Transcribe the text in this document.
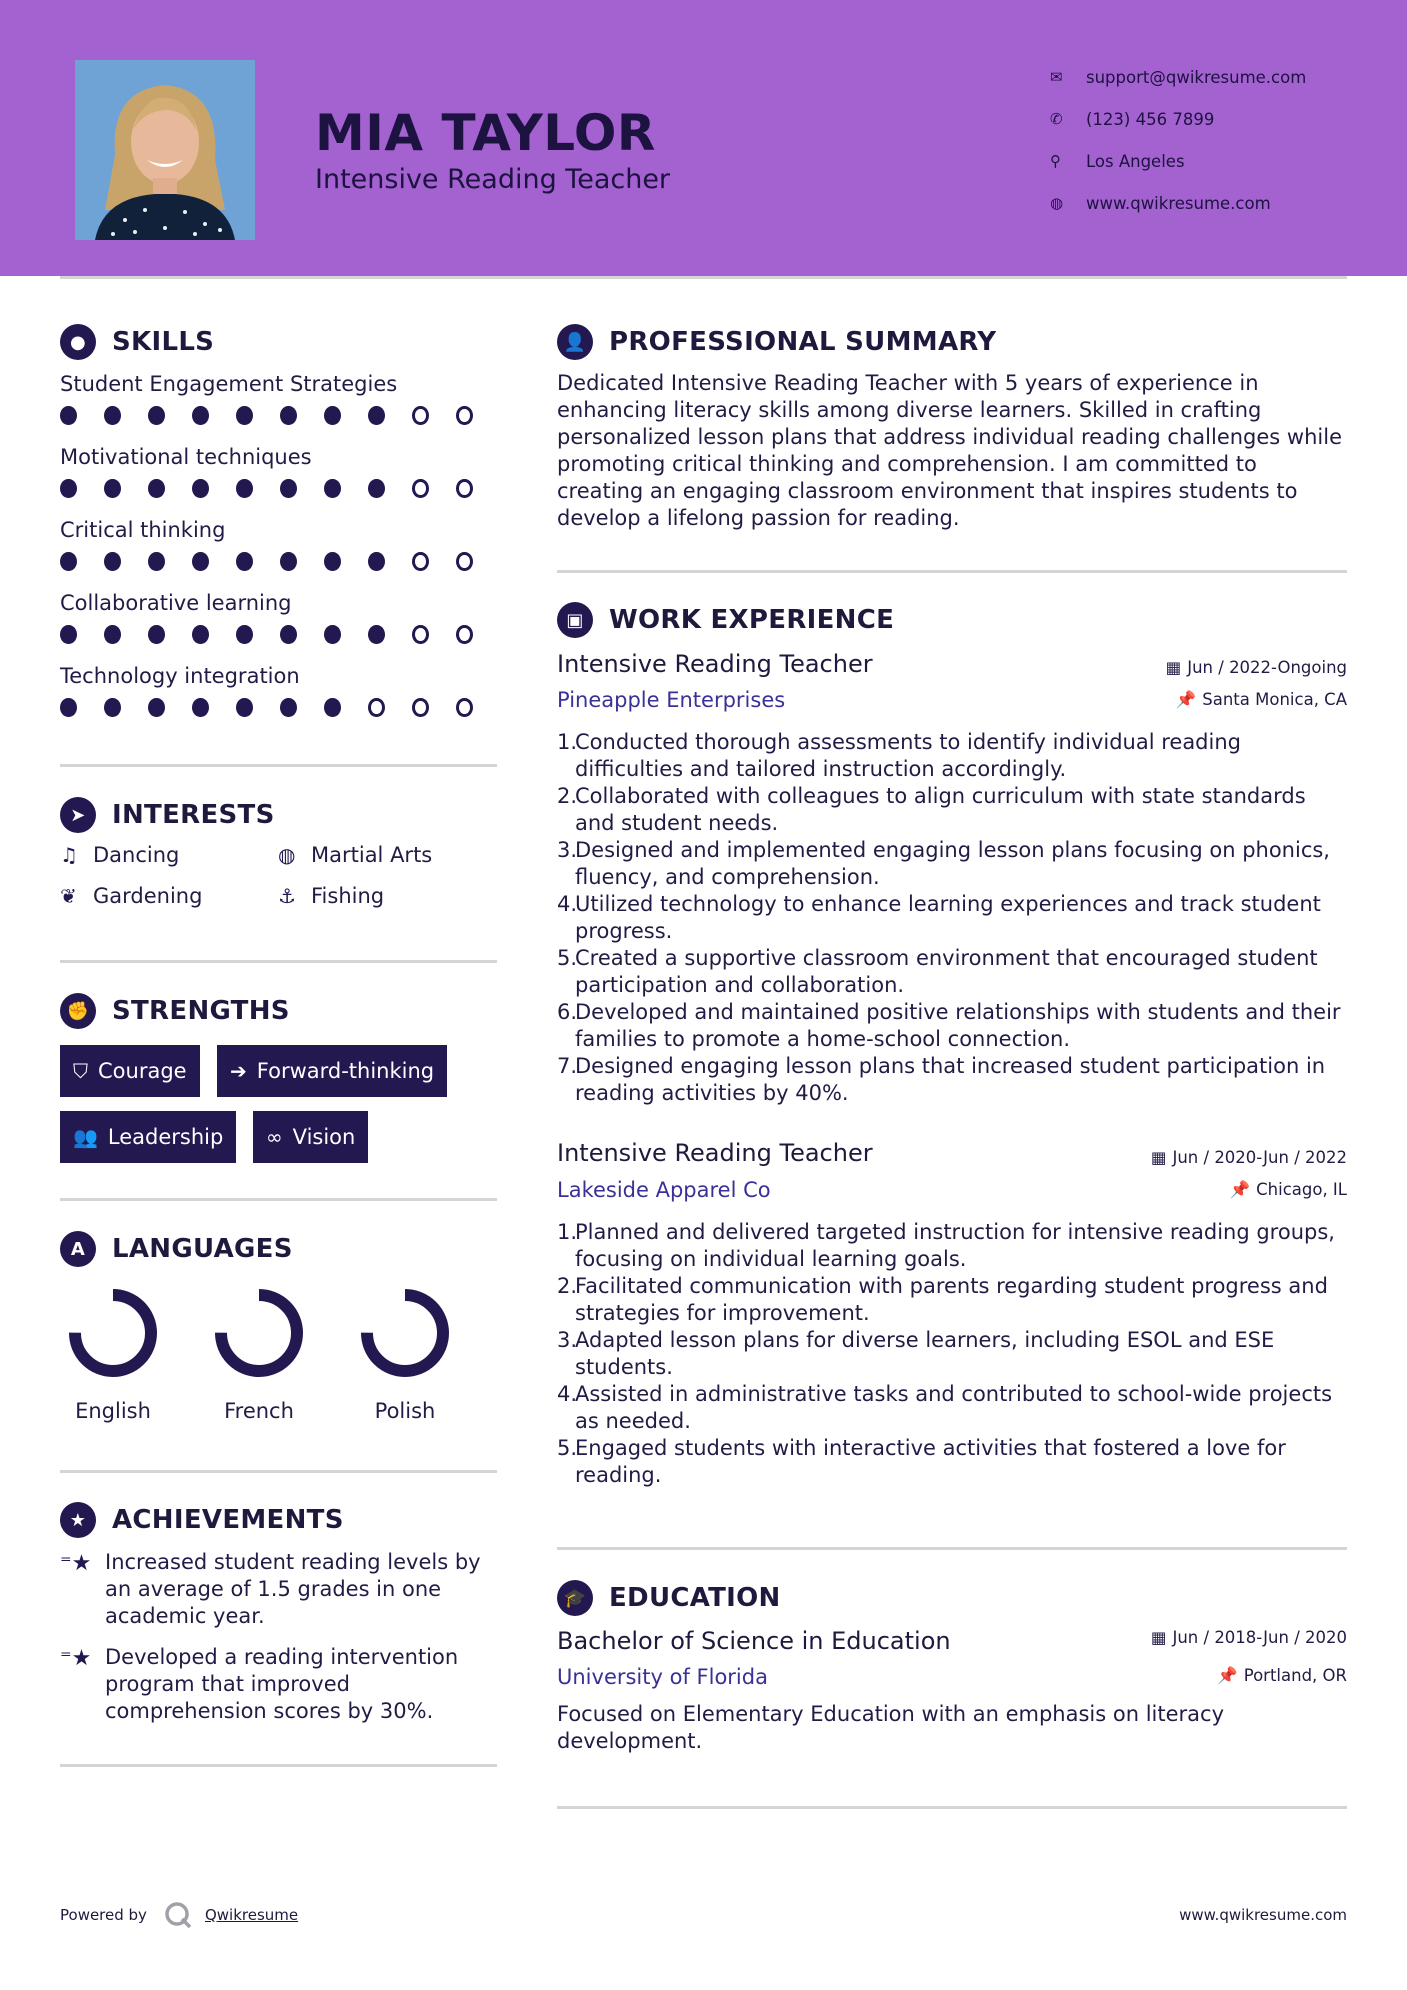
MIA TAYLOR
Intensive Reading Teacher
✉	support@qwikresume.com
✆	(123) 456 7899
⚲	Los Angeles
◍	www.qwikresume.com
●	SKILLS
Student Engagement Strategies
Motivational techniques
Critical thinking
Collaborative learning
Technology integration
➤	INTERESTS
♫ Dancing	◍ Martial Arts
❦ Gardening	⚓ Fishing
✊ STRENGTHS
⛉ Courage ➔ Forward-thinking
👥 Leadership ∞ Vision
A	LANGUAGES
English	French	Polish
★ ACHIEVEMENTS
⁼★ Increased student reading levels by an average of 1.5 grades in one academic year.
⁼★ Developed a reading intervention program that improved comprehension scores by 30%.
👤 PROFESSIONAL SUMMARY
Dedicated Intensive Reading Teacher with 5 years of experience in enhancing literacy skills among diverse learners. Skilled in crafting personalized lesson plans that address individual reading challenges while promoting critical thinking and comprehension. I am committed to creating an engaging classroom environment that inspires students to develop a lifelong passion for reading.
▣ WORK EXPERIENCE
Intensive Reading Teacher
Pineapple Enterprises
▦ Jun / 2022-Ongoing
📌 Santa Monica, CA
Conducted thorough assessments to identify individual reading difficulties and tailored instruction accordingly.
Collaborated with colleagues to align curriculum with state standards and student needs.
Designed and implemented engaging lesson plans focusing on phonics, fluency, and comprehension.
Utilized technology to enhance learning experiences and track student progress.
Created a supportive classroom environment that encouraged student participation and collaboration.
Developed and maintained positive relationships with students and their families to promote a home-school connection.
Designed engaging lesson plans that increased student participation in reading activities by 40%.
Intensive Reading Teacher
Lakeside Apparel Co
▦ Jun / 2020-Jun / 2022
📌 Chicago, IL
Planned and delivered targeted instruction for intensive reading groups, focusing on individual learning goals.
Facilitated communication with parents regarding student progress and strategies for improvement.
Adapted lesson plans for diverse learners, including ESOL and ESE students.
Assisted in administrative tasks and contributed to school-wide projects as needed.
Engaged students with interactive activities that fostered a love for reading.
🎓 EDUCATION
Bachelor of Science in Education
University of Florida
▦ Jun / 2018-Jun / 2020
📌 Portland, OR
Focused on Elementary Education with an emphasis on literacy development.
Powered by	Qwikresume	www.qwikresume.com
